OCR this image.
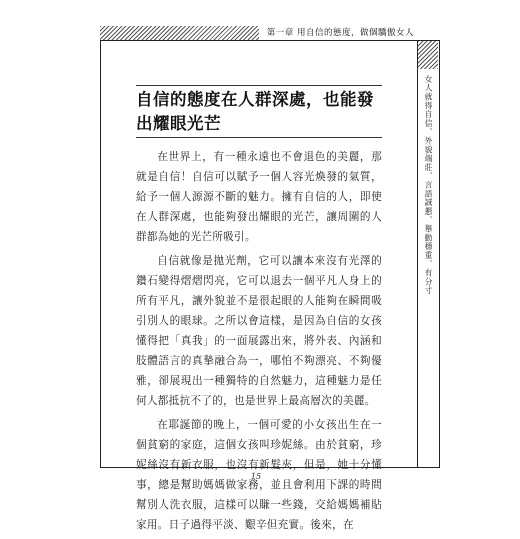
第一章 用自信的態度，做個驕傲女人
女人就得自信、外貌端莊、言語誠懇、舉動穩重、有分寸
自信的態度在人群深處，也能發出耀眼光芒

在世界上，有一種永遠也不會退色的美麗，那就是自信！自信可以賦予一個人容光煥發的氣質，給予一個人源源不斷的魅力。擁有自信的人，即使在人群深處，也能夠發出耀眼的光芒，讓周圍的人群都為她的光芒所吸引。

自信就像是拋光劑，它可以讓本來沒有光澤的鑽石變得熠熠閃亮，它可以退去一個平凡人身上的所有平凡，讓外貌並不是很起眼的人能夠在瞬間吸引別人的眼球。之所以會這樣，是因為自信的女孩懂得把「真我」的一面展露出來，將外表、內涵和肢體語言的真摯融合為一，哪怕不夠漂亮、不夠優雅，卻展現出一種獨特的自然魅力，這種魅力是任何人都抵抗不了的，也是世界上最高層次的美麗。

在耶誕節的晚上，一個可愛的小女孩出生在一個貧窮的家庭，這個女孩叫珍妮絲。由於貧窮，珍妮絲沒有新衣服，也沒有新髮夾，但是，她十分懂事，總是幫助媽媽做家務，並且會利用下課的時間幫別人洗衣服，這樣可以賺一些錢，交給媽媽補貼家用。日子過得平淡、艱辛但充實。後來，在

15
